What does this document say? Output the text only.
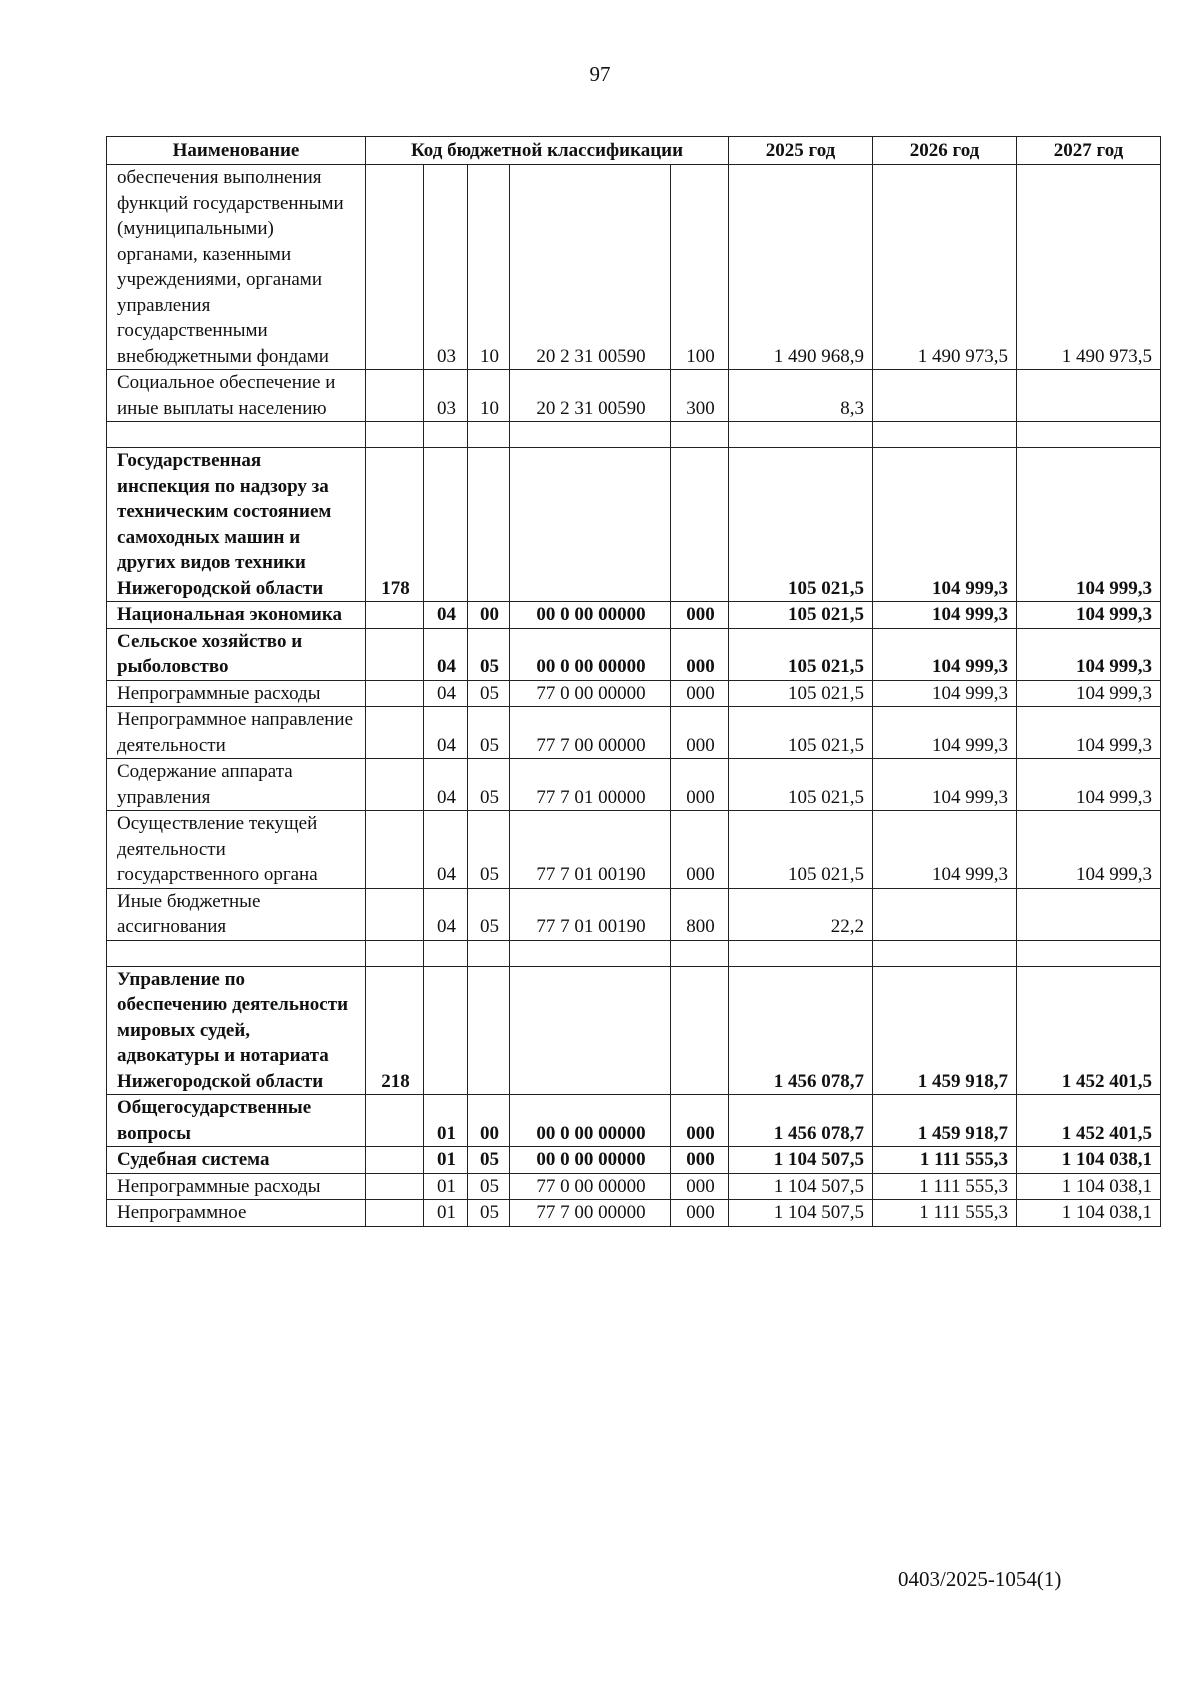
97
Наименование	Код бюджетной классификации					2025 год	2026 год	2027 год
обеспечения выполнения функций государственными (муниципальными) органами, казенными учреждениями, органами управления государственными внебюджетными фондами		03	10	20 2 31 00590	100	1 490 968,9	1 490 973,5	1 490 973,5
Социальное обеспечение и иные выплаты населению		03	10	20 2 31 00590	300	8,3		

Государственная инспекция по надзору за техническим состоянием самоходных машин и других видов техники Нижегородской области	178					105 021,5	104 999,3	104 999,3
Национальная экономика		04	00	00 0 00 00000	000	105 021,5	104 999,3	104 999,3
Сельское хозяйство и рыболовство		04	05	00 0 00 00000	000	105 021,5	104 999,3	104 999,3
Непрограммные расходы		04	05	77 0 00 00000	000	105 021,5	104 999,3	104 999,3
Непрограммное направление деятельности		04	05	77 7 00 00000	000	105 021,5	104 999,3	104 999,3
Содержание аппарата управления		04	05	77 7 01 00000	000	105 021,5	104 999,3	104 999,3
Осуществление текущей деятельности государственного органа		04	05	77 7 01 00190	000	105 021,5	104 999,3	104 999,3
Иные бюджетные ассигнования		04	05	77 7 01 00190	800	22,2		

Управление по обеспечению деятельности мировых судей, адвокатуры и нотариата Нижегородской области	218					1 456 078,7	1 459 918,7	1 452 401,5
Общегосударственные вопросы		01	00	00 0 00 00000	000	1 456 078,7	1 459 918,7	1 452 401,5
Судебная система		01	05	00 0 00 00000	000	1 104 507,5	1 111 555,3	1 104 038,1
Непрограммные расходы		01	05	77 0 00 00000	000	1 104 507,5	1 111 555,3	1 104 038,1
Непрограммное		01	05	77 7 00 00000	000	1 104 507,5	1 111 555,3	1 104 038,1
0403/2025-1054(1)
